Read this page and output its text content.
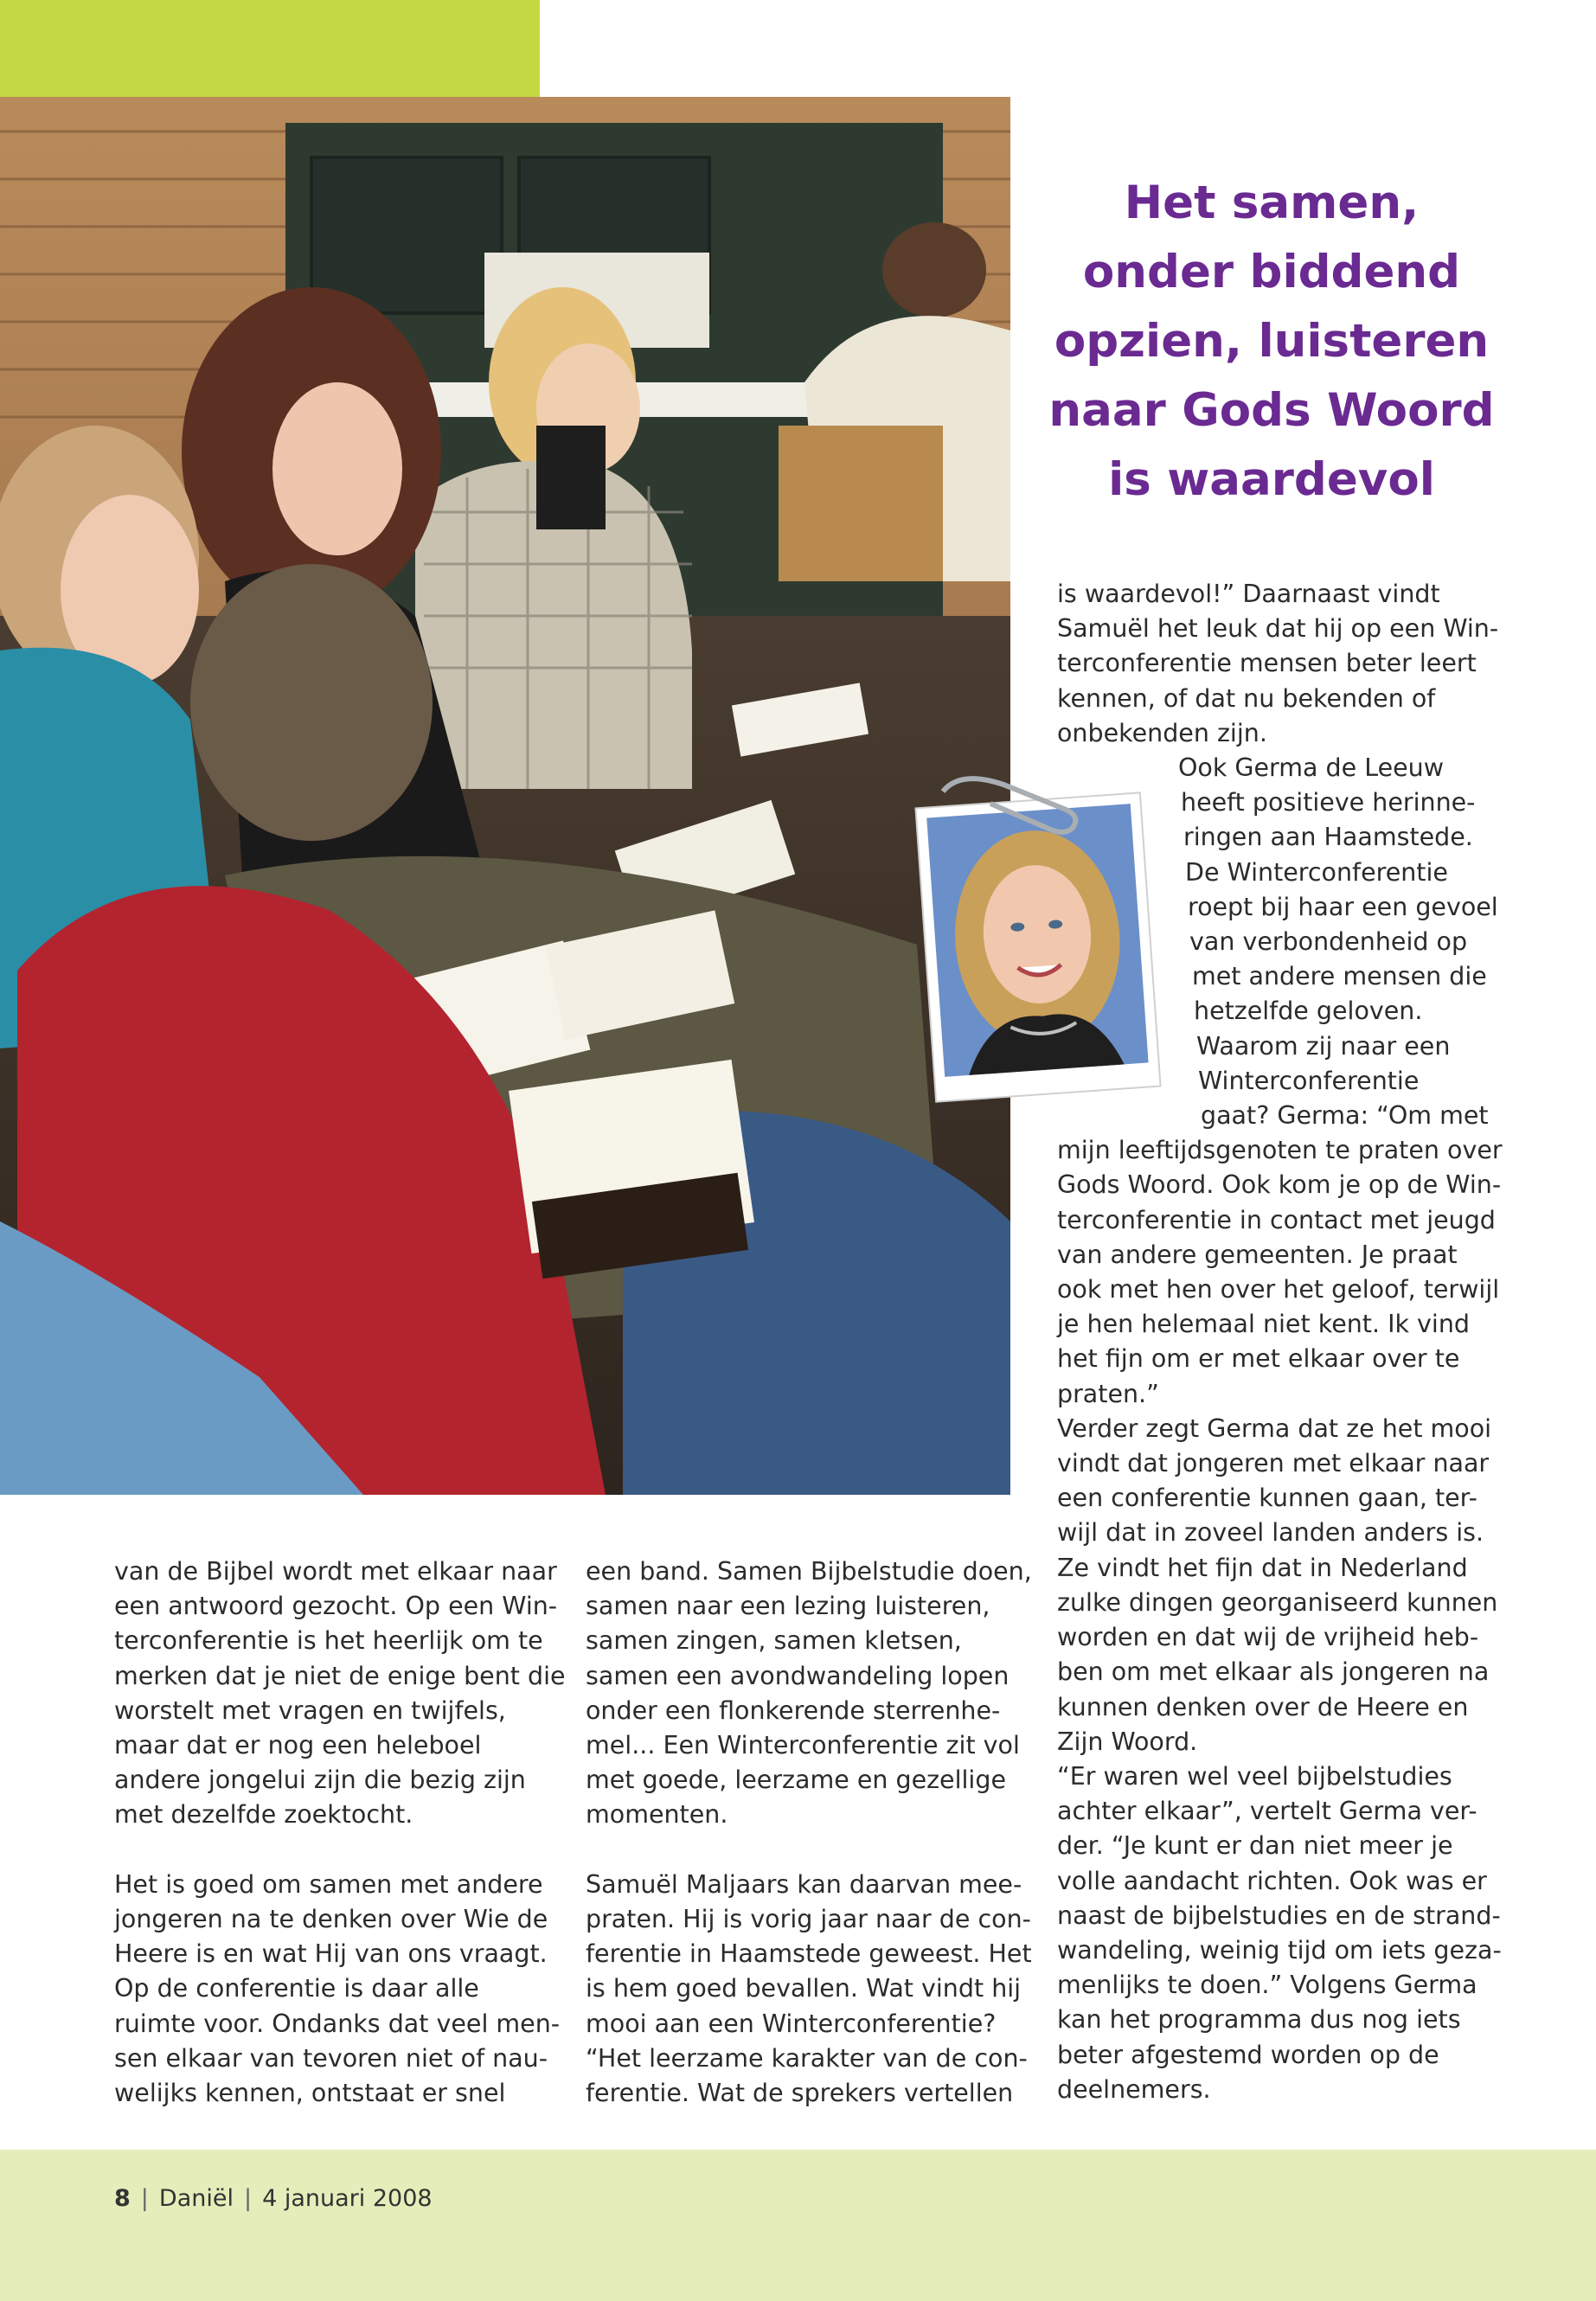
Het samen,
onder biddend
opzien, luisteren
naar Gods Woord
is waardevol
van de Bijbel wordt met elkaar naar
een antwoord gezocht. Op een Win-
terconferentie is het heerlijk om te
merken dat je niet de enige bent die
worstelt met vragen en twijfels,
maar dat er nog een heleboel
andere jongelui zijn die bezig zijn
met dezelfde zoektocht.

Het is goed om samen met andere
jongeren na te denken over Wie de
Heere is en wat Hij van ons vraagt.
Op de conferentie is daar alle
ruimte voor. Ondanks dat veel men-
sen elkaar van tevoren niet of nau-
welijks kennen, ontstaat er snel
een band. Samen Bijbelstudie doen,
samen naar een lezing luisteren,
samen zingen, samen kletsen,
samen een avondwandeling lopen
onder een flonkerende sterrenhe-
mel... Een Winterconferentie zit vol
met goede, leerzame en gezellige
momenten.

Samuël Maljaars kan daarvan mee-
praten. Hij is vorig jaar naar de con-
ferentie in Haamstede geweest. Het
is hem goed bevallen. Wat vindt hij
mooi aan een Winterconferentie?
“Het leerzame karakter van de con-
ferentie. Wat de sprekers vertellen
is waardevol!” Daarnaast vindt
Samuël het leuk dat hij op een Win-
terconferentie mensen beter leert
kennen, of dat nu bekenden of
onbekenden zijn.
Ook Germa de Leeuw
heeft positieve herinne-
ringen aan Haamstede.
De Winterconferentie
roept bij haar een gevoel
van verbondenheid op
met andere mensen die
hetzelfde geloven.
Waarom zij naar een
Winterconferentie
gaat? Germa: “Om met
mijn leeftijdsgenoten te praten over
Gods Woord. Ook kom je op de Win-
terconferentie in contact met jeugd
van andere gemeenten. Je praat
ook met hen over het geloof, terwijl
je hen helemaal niet kent. Ik vind
het fijn om er met elkaar over te
praten.”
Verder zegt Germa dat ze het mooi
vindt dat jongeren met elkaar naar
een conferentie kunnen gaan, ter-
wijl dat in zoveel landen anders is.
Ze vindt het fijn dat in Nederland
zulke dingen georganiseerd kunnen
worden en dat wij de vrijheid heb-
ben om met elkaar als jongeren na
kunnen denken over de Heere en
Zijn Woord.
“Er waren wel veel bijbelstudies
achter elkaar”, vertelt Germa ver-
der. “Je kunt er dan niet meer je
volle aandacht richten. Ook was er
naast de bijbelstudies en de strand-
wandeling, weinig tijd om iets geza-
menlijks te doen.” Volgens Germa
kan het programma dus nog iets
beter afgestemd worden op de
deelnemers.
8 | Daniël | 4 januari 2008
